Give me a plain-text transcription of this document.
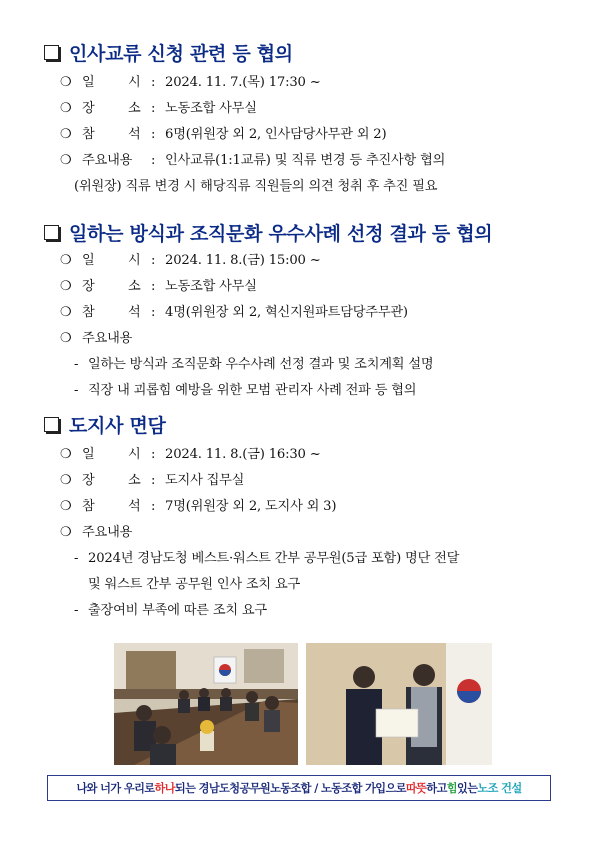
인사교류 신청 관련 등 협의
❍ 일	시 : 2024. 11. 7.(목) 17:30 ~
❍ 장	소 : 노동조합 사무실
❍ 참	석 : 6명(위원장 외 2, 인사담당사무관 외 2)
❍ 주요내용 : 인사교류(1:1교류) 및 직류 변경 등 추진사항 협의
(위원장) 직류 변경 시 해당직류 직원들의 의견 청취 후 추진 필요
일하는 방식과 조직문화 우수사례 선정 결과 등 협의
❍ 일	시 : 2024. 11. 8.(금) 15:00 ~
❍ 장	소 : 노동조합 사무실
❍ 참	석 : 4명(위원장 외 2, 혁신지원파트담당주무관)
❍ 주요내용
- 일하는 방식과 조직문화 우수사례 선정 결과 및 조치계획 설명
- 직장 내 괴롭힘 예방을 위한 모범 관리자 사례 전파 등 협의
도지사 면담
❍ 일	시 : 2024. 11. 8.(금) 16:30 ~
❍ 장	소 : 도지사 집무실
❍ 참	석 : 7명(위원장 외 2, 도지사 외 3)
❍ 주요내용
- 2024년 경남도청 베스트·워스트 간부 공무원(5급 포함) 명단 전달
및 워스트 간부 공무원 인사 조치 요구
- 출장여비 부족에 따른 조치 요구
나와 너가 우리로 하나 되는 경남도청공무원노동조합 / 노동조합 가입으로 따뜻 하고 힘 있는 노조 건설
